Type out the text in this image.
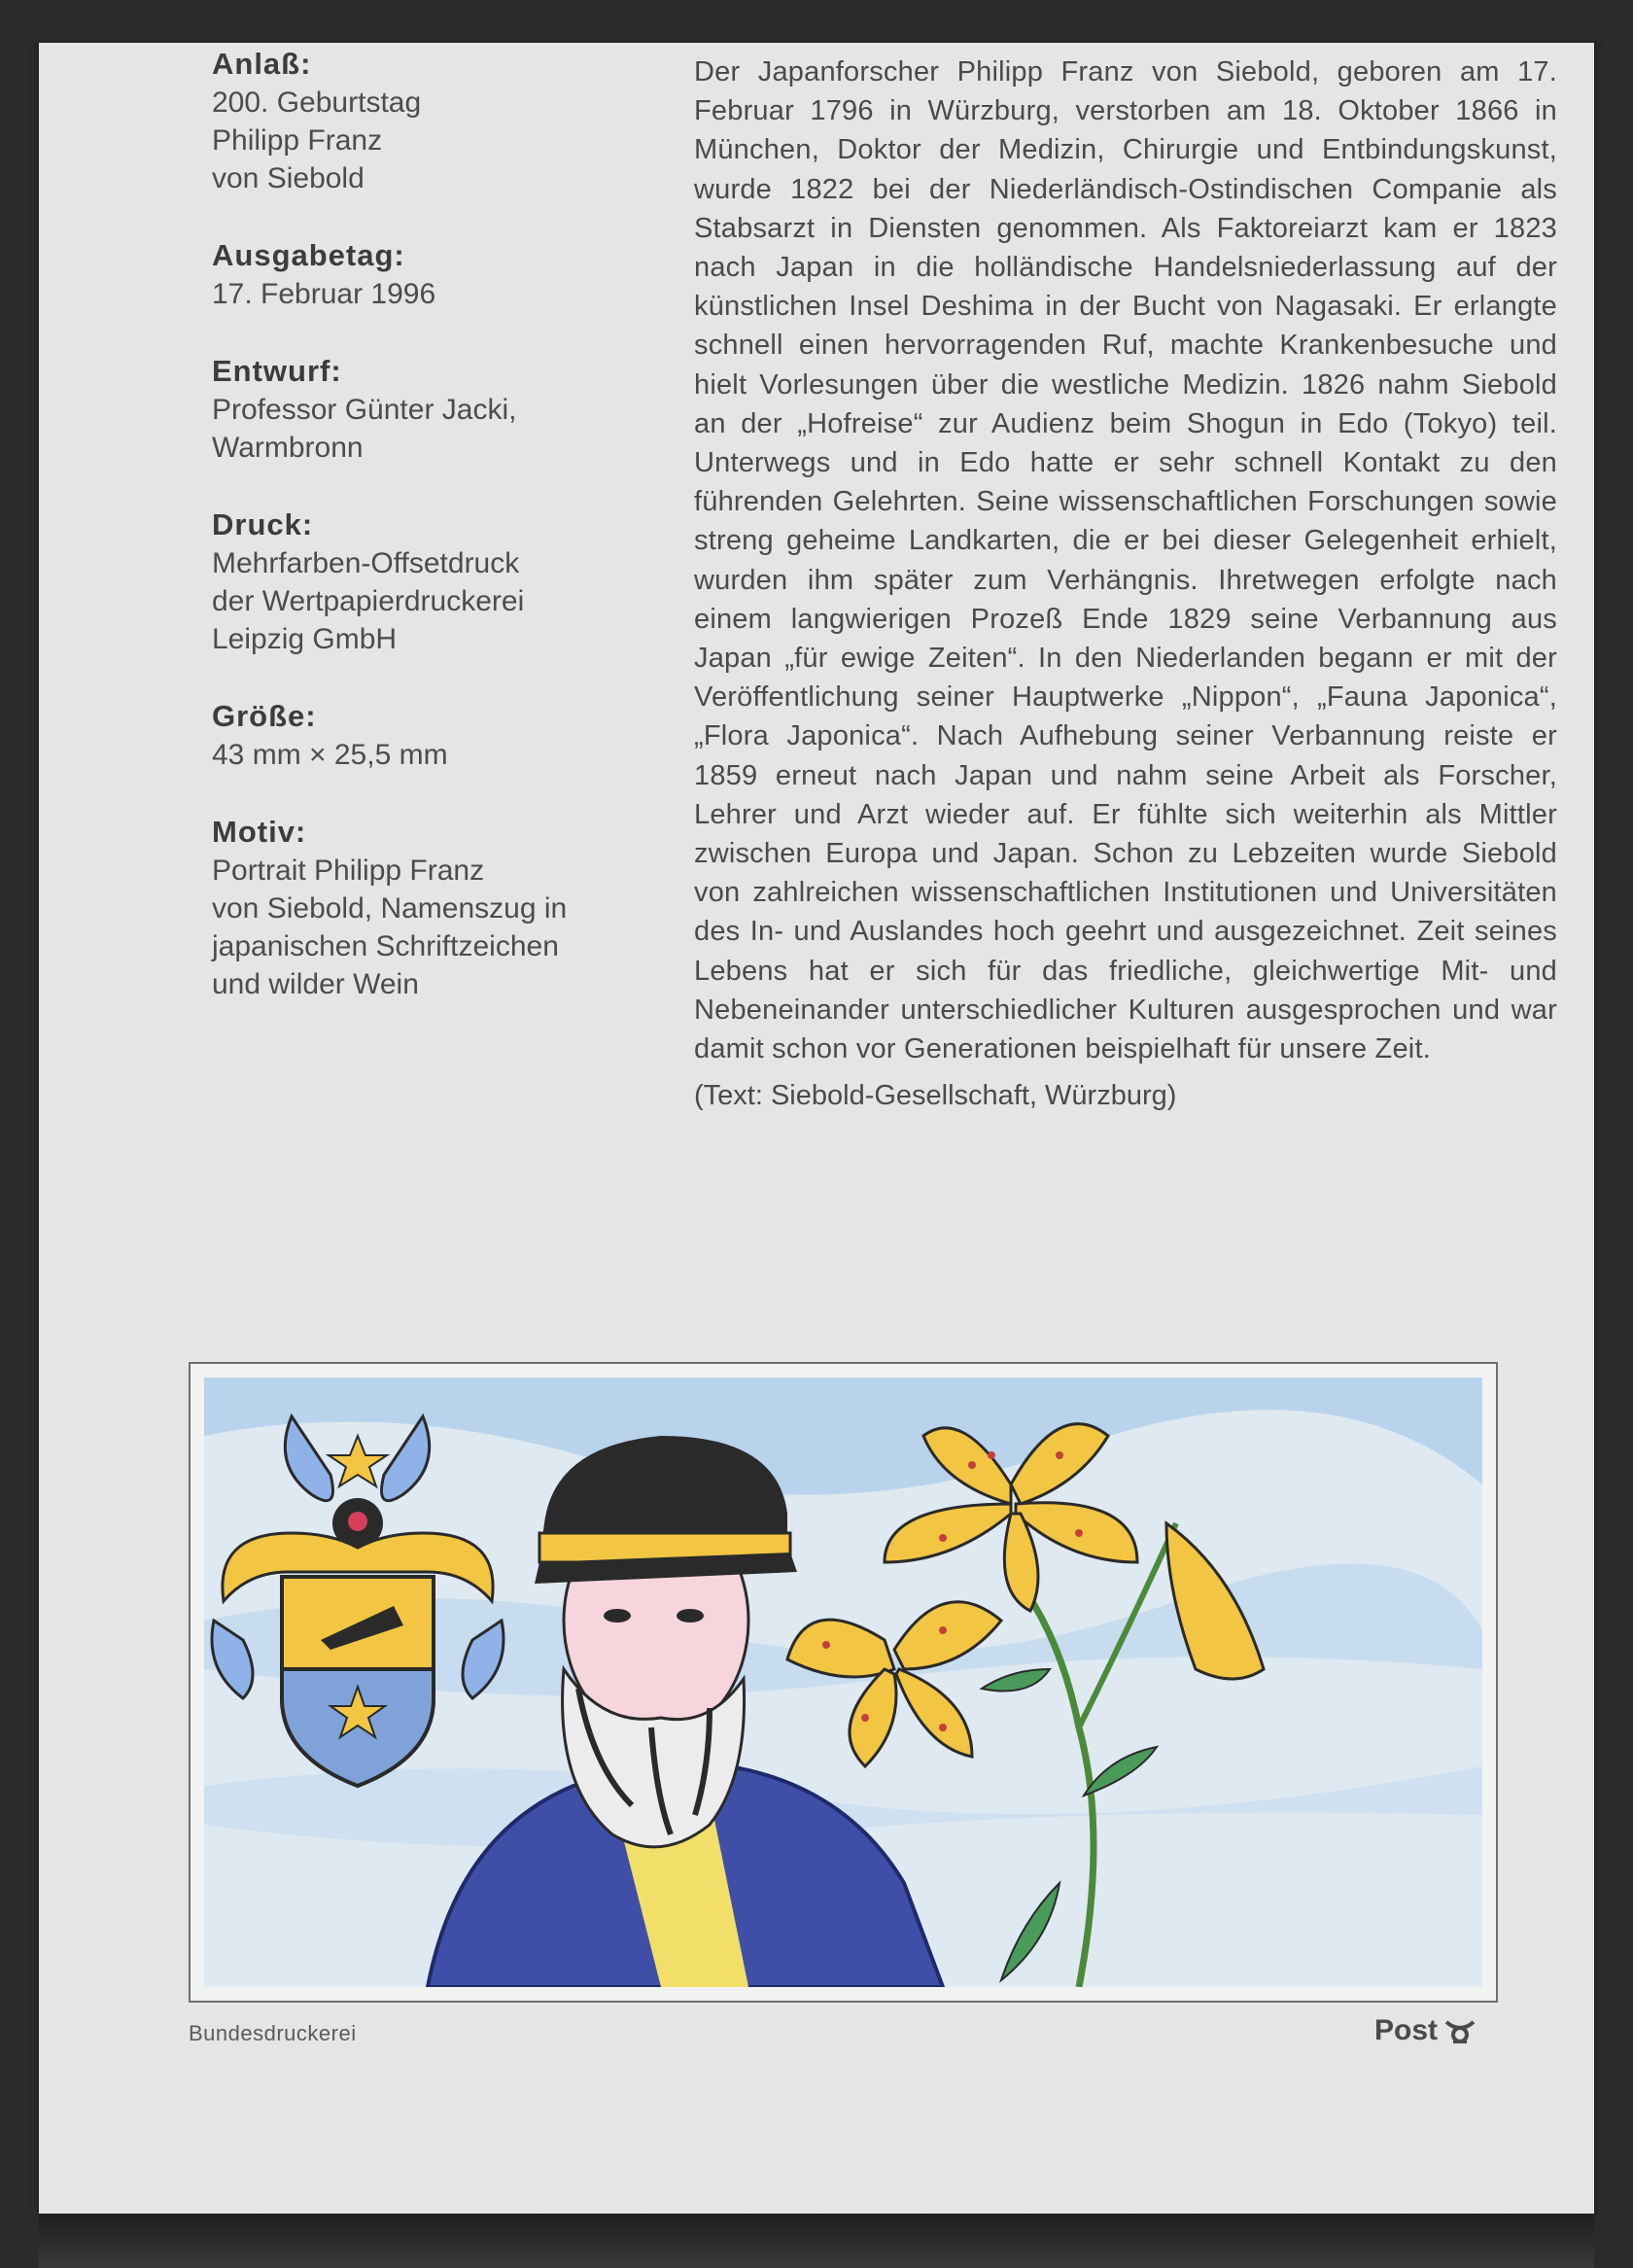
Anlaß:
200. Geburtstag
Philipp Franz
von Siebold
Ausgabetag:
17. Februar 1996
Entwurf:
Professor Günter Jacki,
Warmbronn
Druck:
Mehrfarben-Offsetdruck
der Wertpapierdruckerei
Leipzig GmbH
Größe:
43 mm × 25,5 mm
Motiv:
Portrait Philipp Franz
von Siebold, Namenszug in
japanischen Schriftzeichen
und wilder Wein

Der Japanforscher Philipp Franz von Siebold, geboren am 17. Februar 1796 in Würzburg, verstorben am 18. Oktober 1866 in München, Doktor der Medizin, Chirurgie und Entbindungskunst, wurde 1822 bei der Niederländisch-Ostindischen Companie als Stabsarzt in Diensten genommen. Als Faktoreiarzt kam er 1823 nach Japan in die holländische Handelsniederlassung auf der künstlichen Insel Deshima in der Bucht von Nagasaki. Er erlangte schnell einen hervorragenden Ruf, machte Krankenbesuche und hielt Vorlesungen über die westliche Medizin. 1826 nahm Siebold an der „Hofreise“ zur Audienz beim Shogun in Edo (Tokyo) teil. Unterwegs und in Edo hatte er sehr schnell Kontakt zu den führenden Gelehrten. Seine wissenschaftlichen Forschungen sowie streng geheime Landkarten, die er bei dieser Gelegenheit erhielt, wurden ihm später zum Verhängnis. Ihretwegen erfolgte nach einem langwierigen Prozeß Ende 1829 seine Verbannung aus Japan „für ewige Zeiten“. In den Niederlanden begann er mit der Veröffentlichung seiner Hauptwerke „Nippon“, „Fauna Japonica“, „Flora Japonica“. Nach Aufhebung seiner Verbannung reiste er 1859 erneut nach Japan und nahm seine Arbeit als Forscher, Lehrer und Arzt wieder auf. Er fühlte sich weiterhin als Mittler zwischen Europa und Japan. Schon zu Lebzeiten wurde Siebold von zahlreichen wissenschaftlichen Institutionen und Universitäten des In- und Auslandes hoch geehrt und ausgezeichnet. Zeit seines Lebens hat er sich für das friedliche, gleichwertige Mit- und Nebeneinander unterschiedlicher Kulturen ausgesprochen und war damit schon vor Generationen beispielhaft für unsere Zeit.

(Text: Siebold-Gesellschaft, Würzburg)
Bundesdruckerei	Post
